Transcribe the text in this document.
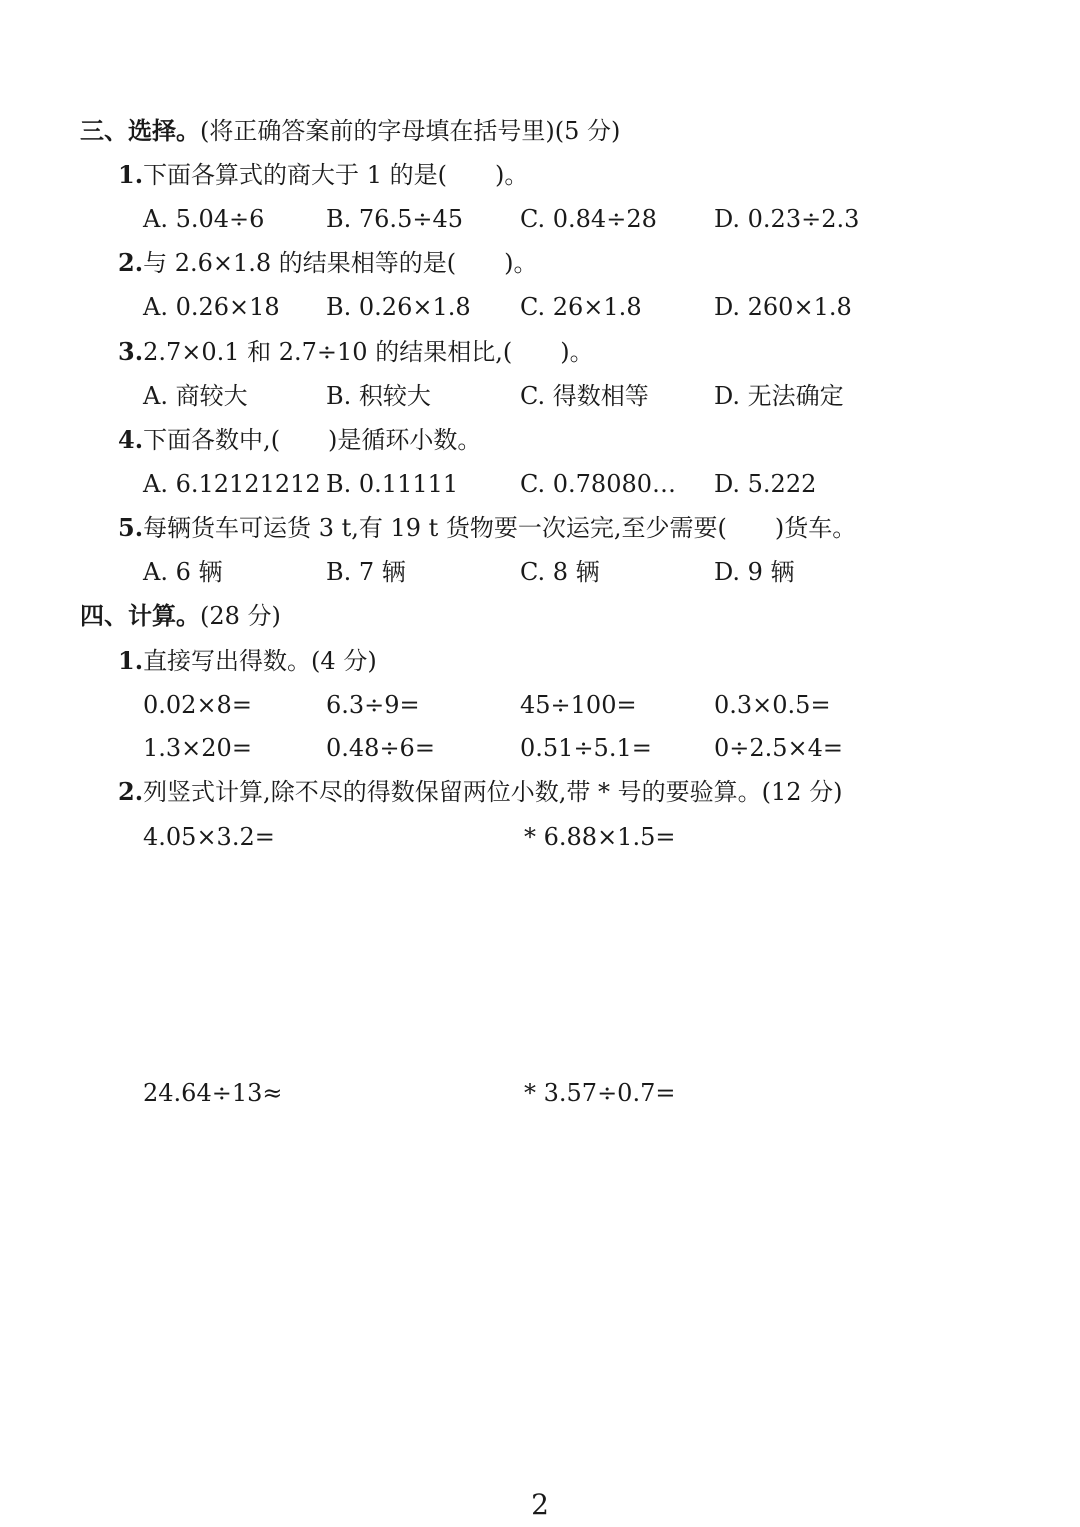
三、选择。(将正确答案前的字母填在括号里)(5 分)
1.下面各算式的商大于 1 的是(　　)。
A. 5.04÷6	B. 76.5÷45 C. 0.84÷28 D. 0.23÷2.3
2.与 2.6×1.8 的结果相等的是(　　)。
A. 0.26×18 B. 0.26×1.8 C. 26×1.8	D. 260×1.8
3.2.7×0.1 和 2.7÷10 的结果相比,(　　)。
A. 商较大	B. 积较大	C. 得数相等	D. 无法确定
4.下面各数中,(　　)是循环小数。
A. 6.12121212 B. 0.11111	C. 0.78080… D. 5.222
5.每辆货车可运货 3 t,有 19 t 货物要一次运完,至少需要(　　)货车。
A. 6 辆	B. 7 辆	C. 8 辆	D. 9 辆
四、计算。(28 分)
1.直接写出得数。(4 分)
0.02×8=	6.3÷9=	45÷100=	0.3×0.5=
1.3×20=	0.48÷6=	0.51÷5.1=	0÷2.5×4=
2.列竖式计算,除不尽的得数保留两位小数,带 * 号的要验算。(12 分)
4.05×3.2=	* 6.88×1.5=
24.64÷13≈	* 3.57÷0.7=
2
